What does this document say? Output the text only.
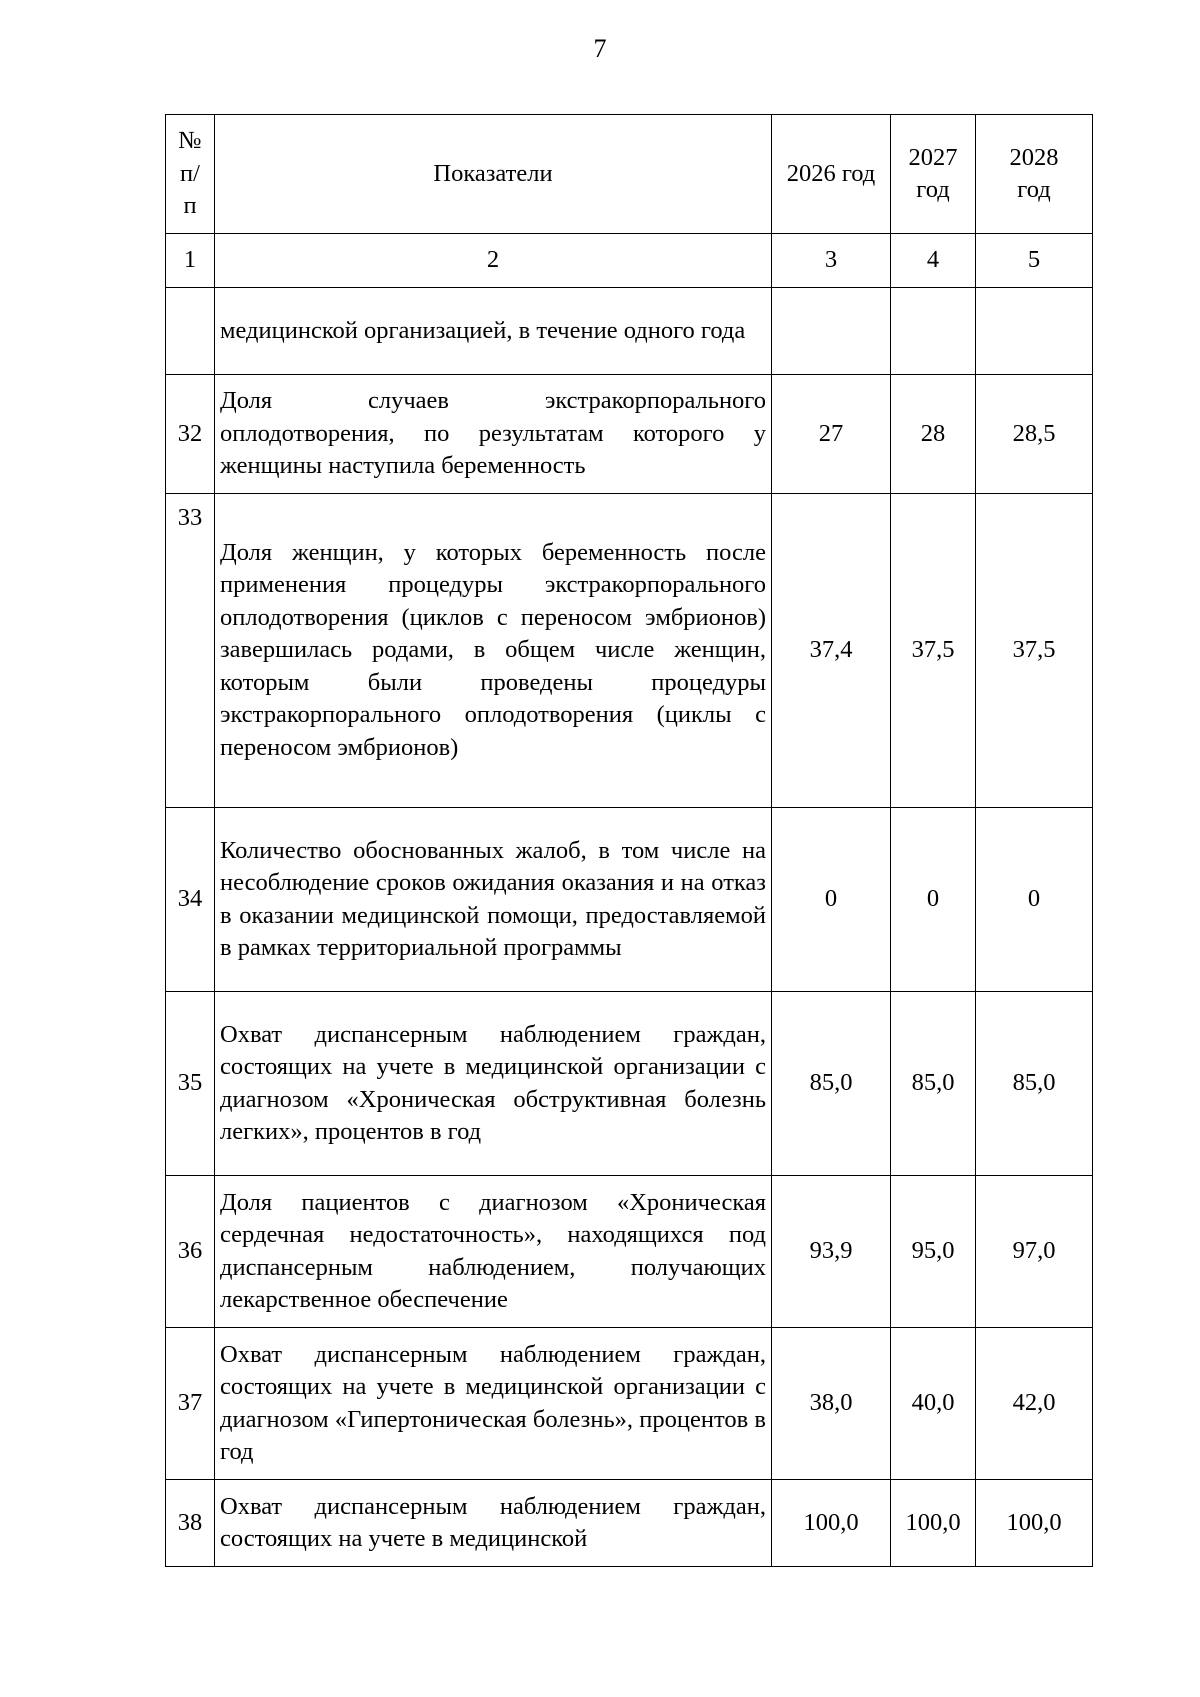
7
№ п/п	Показатели	2026 год	2027 год	2028 год
1	2	3	4	5
	медицинской организацией, в течение одного года			
32	Доля случаев экстракорпорального оплодотворения, по результатам которого у женщины наступила беременность	27	28	28,5
33	Доля женщин, у которых беременность после применения процедуры экстракорпорального оплодотворения (циклов с переносом эмбрионов) завершилась родами, в общем числе женщин, которым были проведены процедуры экстракорпорального оплодотворения (циклы с переносом эмбрионов)	37,4	37,5	37,5
34	Количество обоснованных жалоб, в том числе на несоблюдение сроков ожидания оказания и на отказ в оказании медицинской помощи, предоставляемой в рамках территориальной программы	0	0	0
35	Охват диспансерным наблюдением граждан, состоящих на учете в медицинской организации с диагнозом «Хроническая обструктивная болезнь легких», процентов в год	85,0	85,0	85,0
36	Доля пациентов с диагнозом «Хроническая сердечная недостаточность», находящихся под диспансерным наблюдением, получающих лекарственное обеспечение	93,9	95,0	97,0
37	Охват диспансерным наблюдением граждан, состоящих на учете в медицинской организации с диагнозом «Гипертоническая болезнь», процентов в год	38,0	40,0	42,0
38	Охват диспансерным наблюдением граждан, состоящих на учете в медицинской	100,0	100,0	100,0
